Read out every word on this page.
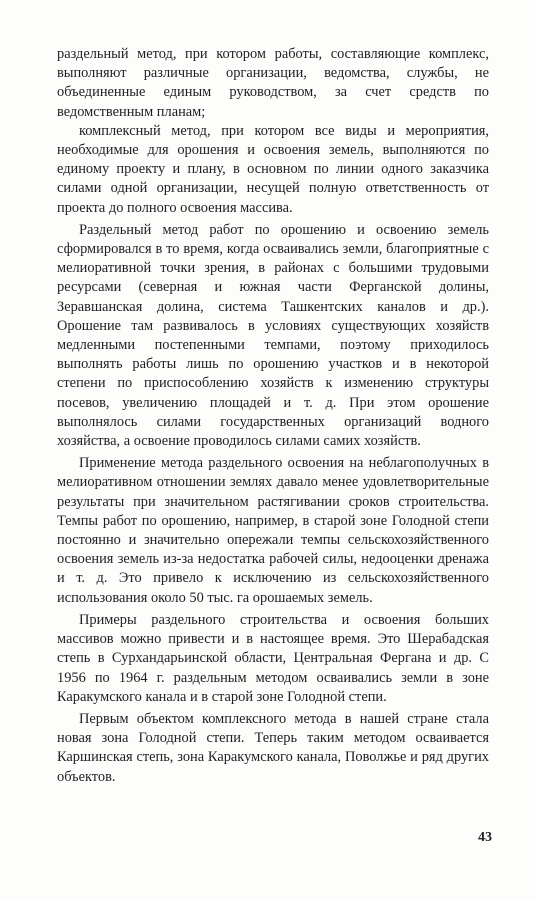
раздельный метод, при котором работы, составляющие комплекс, выполняют различные организации, ведомства, службы, не объединенные единым руководством, за счет средств по ведомственным планам;

комплексный метод, при котором все виды и мероприятия, необходимые для орошения и освоения земель, выполняются по единому проекту и плану, в основном по линии одного заказчика силами одной организации, несущей полную ответственность от проекта до полного освоения массива.

Раздельный метод работ по орошению и освоению земель сформировался в то время, когда осваивались земли, благоприятные с мелиоративной точки зрения, в районах с большими трудовыми ресурсами (северная и южная части Ферганской долины, Зеравшанская долина, система Ташкентских каналов и др.). Орошение там развивалось в условиях существующих хозяйств медленными постепенными темпами, поэтому приходилось выполнять работы лишь по орошению участков и в некоторой степени по приспособлению хозяйств к изменению структуры посевов, увеличению площадей и т. д. При этом орошение выполнялось силами государственных организаций водного хозяйства, а освоение проводилось силами самих хозяйств.

Применение метода раздельного освоения на неблагополучных в мелиоративном отношении землях давало менее удовлетворительные результаты при значительном растягивании сроков строительства. Темпы работ по орошению, например, в старой зоне Голодной степи постоянно и значительно опережали темпы сельскохозяйственного освоения земель из-за недостатка рабочей силы, недооценки дренажа и т. д. Это привело к исключению из сельскохозяйственного использования около 50 тыс. га орошаемых земель.

Примеры раздельного строительства и освоения больших массивов можно привести и в настоящее время. Это Шерабадская степь в Сурхандарьинской области, Центральная Фергана и др. С 1956 по 1964 г. раздельным методом осваивались земли в зоне Каракумского канала и в старой зоне Голодной степи.

Первым объектом комплексного метода в нашей стране стала новая зона Голодной степи. Теперь таким методом осваивается Каршинская степь, зона Каракумского канала, Поволжье и ряд других объектов.

43
